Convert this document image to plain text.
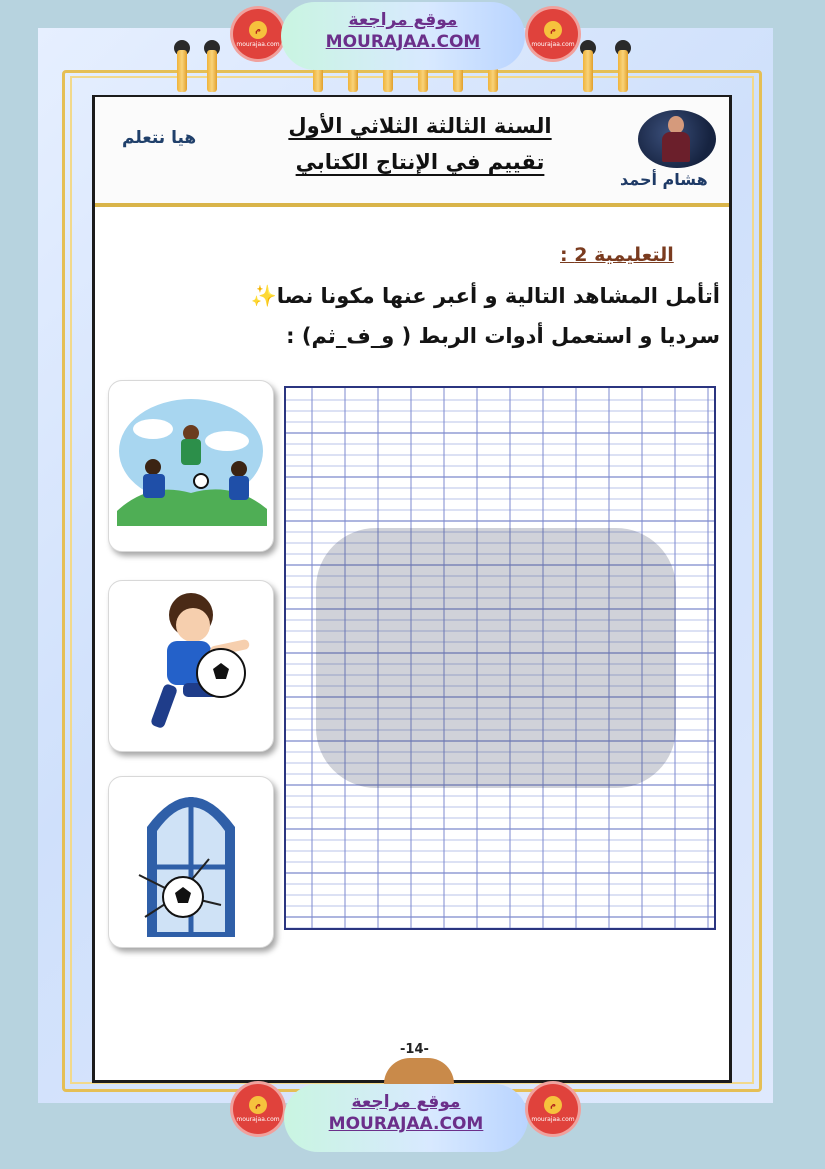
السنة الثالثة الثلاثي الأول
تقييم في الإنتاج الكتابي
هيا نتعلم
هشام أحمد
التعليمية 2 :
أتأمل المشاهد التالية و أعبر عنها مكونا نصا✨
سرديا و استعمل أدوات الربط ( و_ف_ثم) :
-14-
م
mourajaa.com
موقع مراجعة
MOURAJAA.COM
م
mourajaa.com
م
mourajaa.com
موقع مراجعة
MOURAJAA.COM
م
mourajaa.com
